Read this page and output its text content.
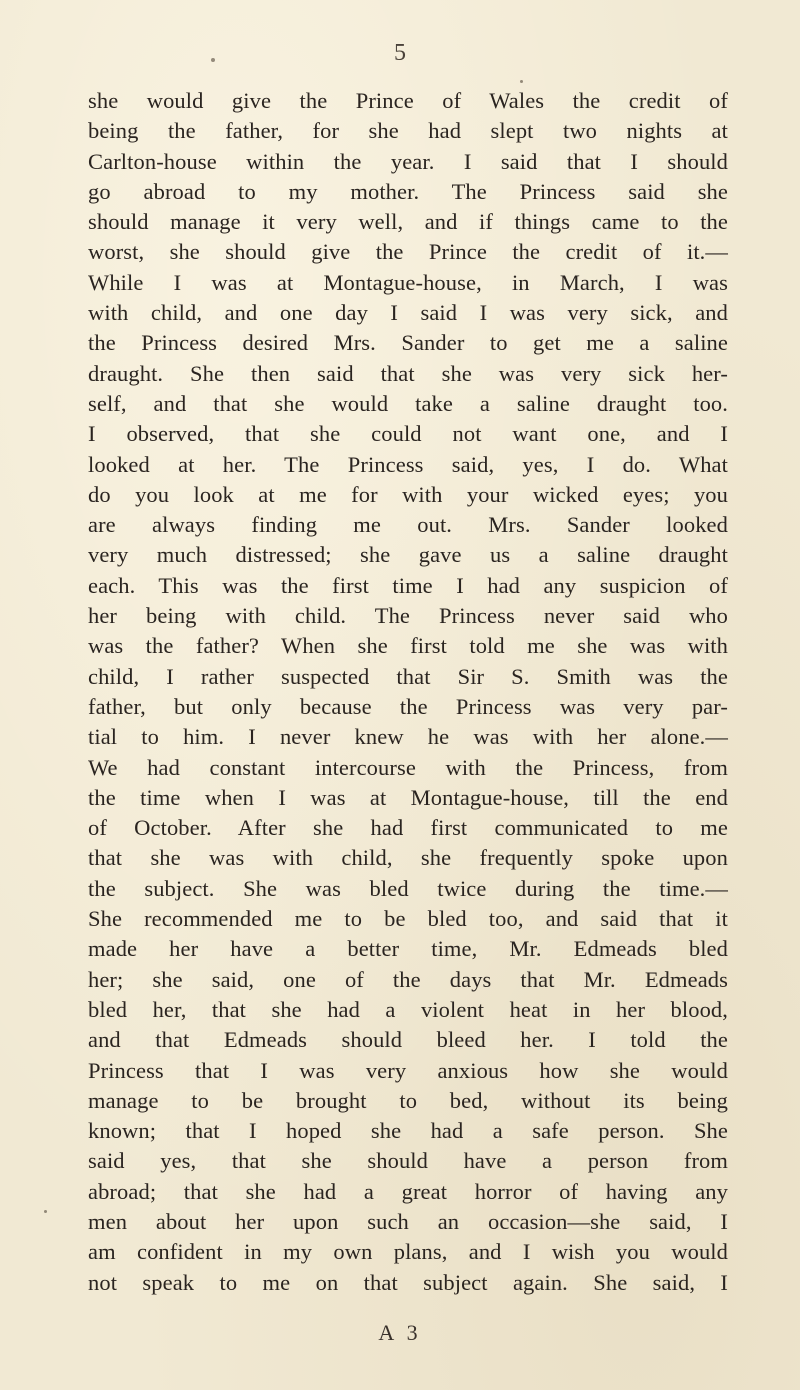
5
she would give the Prince of Wales the credit of
being the father, for she had slept two nights at
Carlton-house within the year. I said that I should
go abroad to my mother. The Princess said she
should manage it very well, and if things came to the
worst, she should give the Prince the credit of it.—
While I was at Montague-house, in March, I was
with child, and one day I said I was very sick, and
the Princess desired Mrs. Sander to get me a saline
draught. She then said that she was very sick her-
self, and that she would take a saline draught too.
I observed, that she could not want one, and I
looked at her. The Princess said, yes, I do. What
do you look at me for with your wicked eyes; you
are always finding me out. Mrs. Sander looked
very much distressed; she gave us a saline draught
each. This was the first time I had any suspicion of
her being with child. The Princess never said who
was the father? When she first told me she was with
child, I rather suspected that Sir S. Smith was the
father, but only because the Princess was very par-
tial to him. I never knew he was with her alone.—
We had constant intercourse with the Princess, from
the time when I was at Montague-house, till the end
of October. After she had first communicated to me
that she was with child, she frequently spoke upon
the subject. She was bled twice during the time.—
She recommended me to be bled too, and said that it
made her have a better time, Mr. Edmeads bled
her; she said, one of the days that Mr. Edmeads
bled her, that she had a violent heat in her blood,
and that Edmeads should bleed her. I told the
Princess that I was very anxious how she would
manage to be brought to bed, without its being
known; that I hoped she had a safe person. She
said yes, that she should have a person from
abroad; that she had a great horror of having any
men about her upon such an occasion—she said, I
am confident in my own plans, and I wish you would
not speak to me on that subject again. She said, I
A 3
